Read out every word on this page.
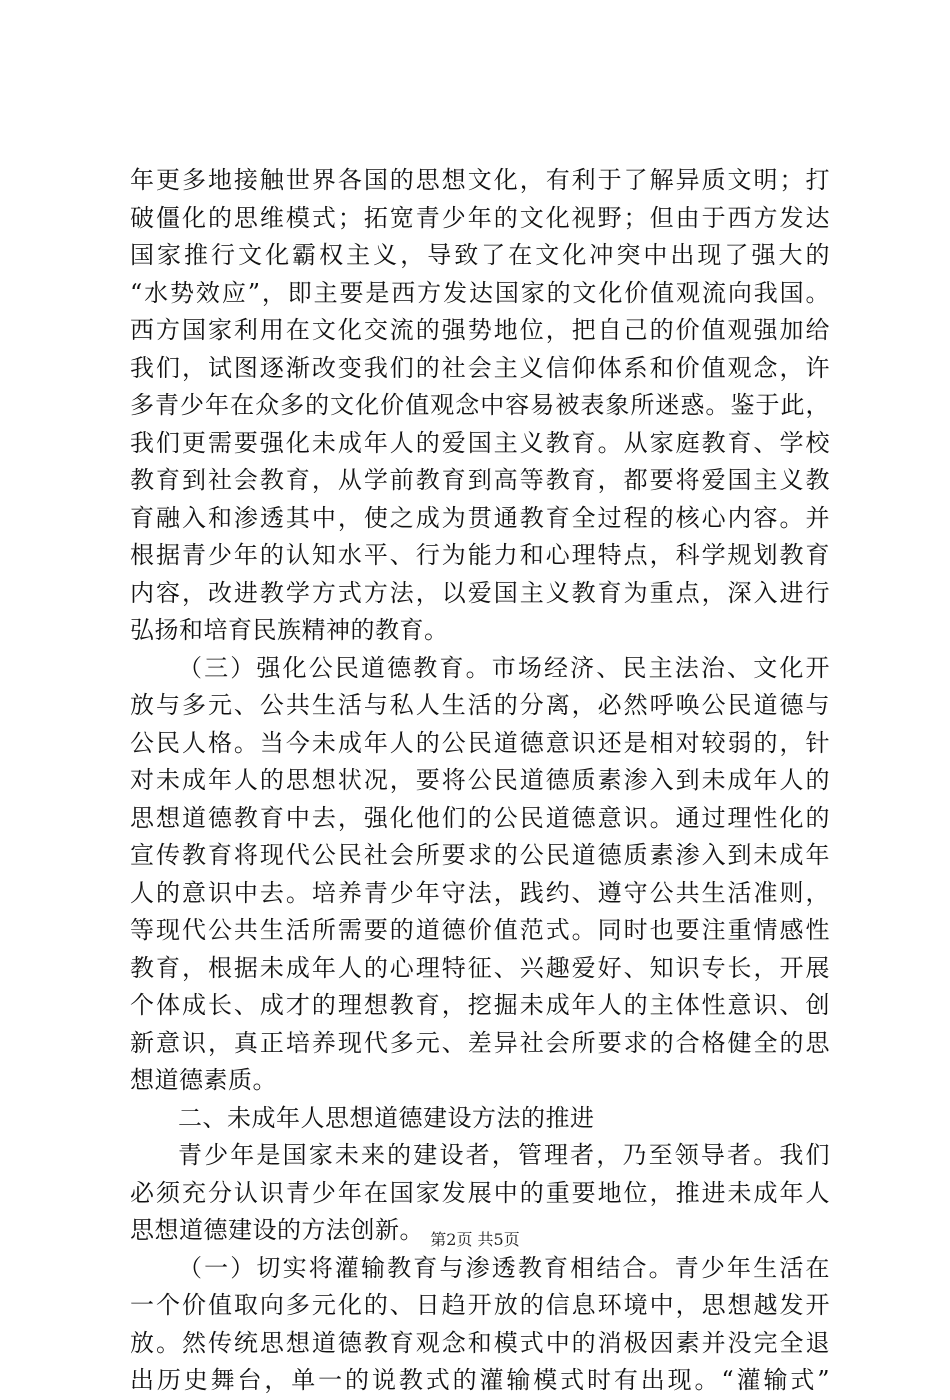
年更多地接触世界各国的思想文化，有利于了解异质文明；打
破僵化的思维模式；拓宽青少年的文化视野；但由于西方发达
国家推行文化霸权主义，导致了在文化冲突中出现了强大的
“水势效应”，即主要是西方发达国家的文化价值观流向我国。
西方国家利用在文化交流的强势地位，把自己的价值观强加给
我们，试图逐渐改变我们的社会主义信仰体系和价值观念，许
多青少年在众多的文化价值观念中容易被表象所迷惑。鉴于此，
我们更需要强化未成年人的爱国主义教育。从家庭教育、学校
教育到社会教育，从学前教育到高等教育，都要将爱国主义教
育融入和渗透其中，使之成为贯通教育全过程的核心内容。并
根据青少年的认知水平、行为能力和心理特点，科学规划教育
内容，改进教学方式方法，以爱国主义教育为重点，深入进行
弘扬和培育民族精神的教育。
（三）强化公民道德教育。市场经济、民主法治、文化开
放与多元、公共生活与私人生活的分离，必然呼唤公民道德与
公民人格。当今未成年人的公民道德意识还是相对较弱的，针
对未成年人的思想状况，要将公民道德质素渗入到未成年人的
思想道德教育中去，强化他们的公民道德意识。通过理性化的
宣传教育将现代公民社会所要求的公民道德质素渗入到未成年
人的意识中去。培养青少年守法，践约、遵守公共生活准则，
等现代公共生活所需要的道德价值范式。同时也要注重情感性
教育，根据未成年人的心理特征、兴趣爱好、知识专长，开展
个体成长、成才的理想教育，挖掘未成年人的主体性意识、创
新意识，真正培养现代多元、差异社会所要求的合格健全的思
想道德素质。
二、未成年人思想道德建设方法的推进
青少年是国家未来的建设者，管理者，乃至领导者。我们
必须充分认识青少年在国家发展中的重要地位，推进未成年人
思想道德建设的方法创新。
（一）切实将灌输教育与渗透教育相结合。青少年生活在
一个价值取向多元化的、日趋开放的信息环境中，思想越发开
放。然传统思想道德教育观念和模式中的消极因素并没完全退
出历史舞台，单一的说教式的灌输模式时有出现。“灌输式”
第2页 共5页
